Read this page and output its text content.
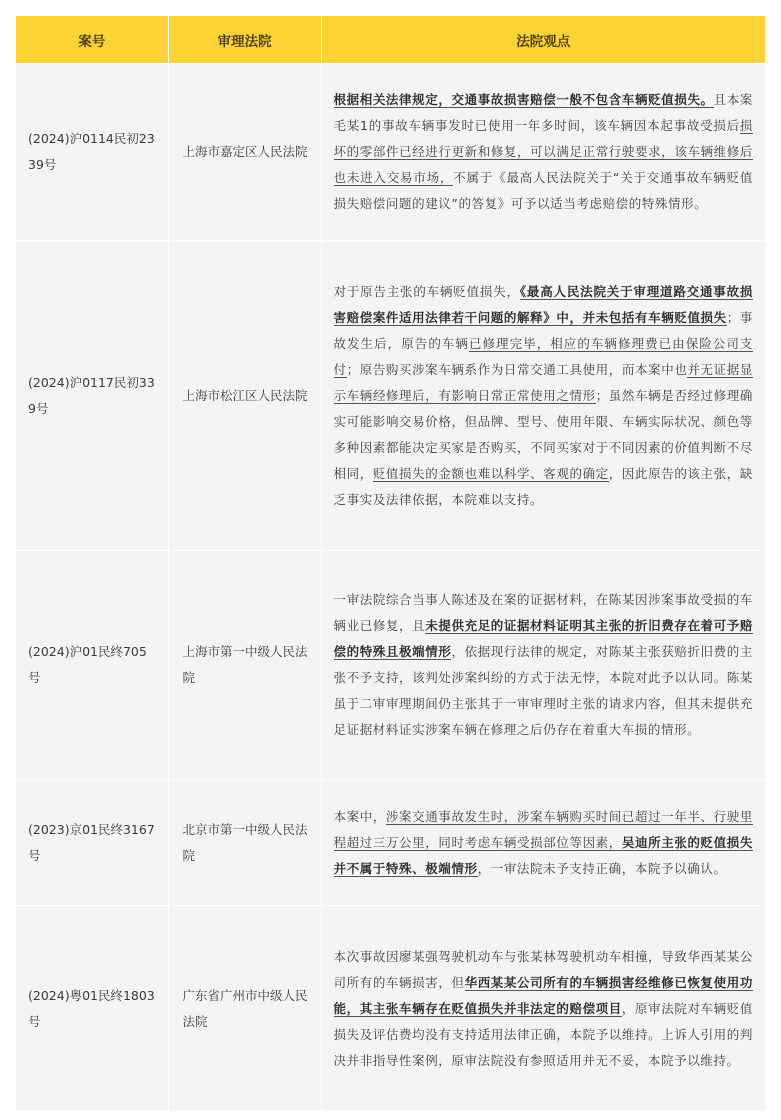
案号	审理法院	法院观点
(2024)沪0114民初2339号	上海市嘉定区人民法院	根据相关法律规定，交通事故损害赔偿一般不包含车辆贬值损失。且本案毛某1的事故车辆事发时已使用一年多时间，该车辆因本起事故受损后损坏的零部件已经进行更新和修复，可以满足正常行驶要求，该车辆维修后也未进入交易市场，不属于《最高人民法院关于“关于交通事故车辆贬值损失赔偿问题的建议”的答复》可予以适当考虑赔偿的特殊情形。

(2024)沪0117民初339号	上海市松江区人民法院	对于原告主张的车辆贬值损失，《最高人民法院关于审理道路交通事故损害赔偿案件适用法律若干问题的解释》中，并未包括有车辆贬值损失；事故发生后，原告的车辆已修理完毕，相应的车辆修理费已由保险公司支付；原告购买涉案车辆系作为日常交通工具使用，而本案中也并无证据显示车辆经修理后，有影响日常正常使用之情形；虽然车辆是否经过修理确实可能影响交易价格，但品牌、型号、使用年限、车辆实际状况、颜色等多种因素都能决定买家是否购买，不同买家对于不同因素的价值判断不尽相同，贬值损失的金额也难以科学、客观的确定，因此原告的该主张，缺乏事实及法律依据，本院难以支持。

(2024)沪01民终705号	上海市第一中级人民法院	一审法院综合当事人陈述及在案的证据材料，在陈某因涉案事故受损的车辆业已修复，且未提供充足的证据材料证明其主张的折旧费存在着可予赔偿的特殊且极端情形，依据现行法律的规定，对陈某主张获赔折旧费的主张不予支持，该判处涉案纠纷的方式于法无悖，本院对此予以认同。陈某虽于二审审理期间仍主张其于一审审理时主张的请求内容，但其未提供充足证据材料证实涉案车辆在修理之后仍存在着重大车损的情形。

(2023)京01民终3167号	北京市第一中级人民法院	本案中，涉案交通事故发生时，涉案车辆购买时间已超过一年半、行驶里程超过三万公里，同时考虑车辆受损部位等因素，吴迪所主张的贬值损失并不属于特殊、极端情形，一审法院未予支持正确，本院予以确认。

(2024)粤01民终1803号	广东省广州市中级人民法院	本次事故因廖某强驾驶机动车与张某林驾驶机动车相撞，导致华西某某公司所有的车辆损害，但华西某某公司所有的车辆损害经维修已恢复使用功能，其主张车辆存在贬值损失并非法定的赔偿项目，原审法院对车辆贬值损失及评估费均没有支持适用法律正确，本院予以维持。上诉人引用的判决并非指导性案例，原审法院没有参照适用并无不妥，本院予以维持。
